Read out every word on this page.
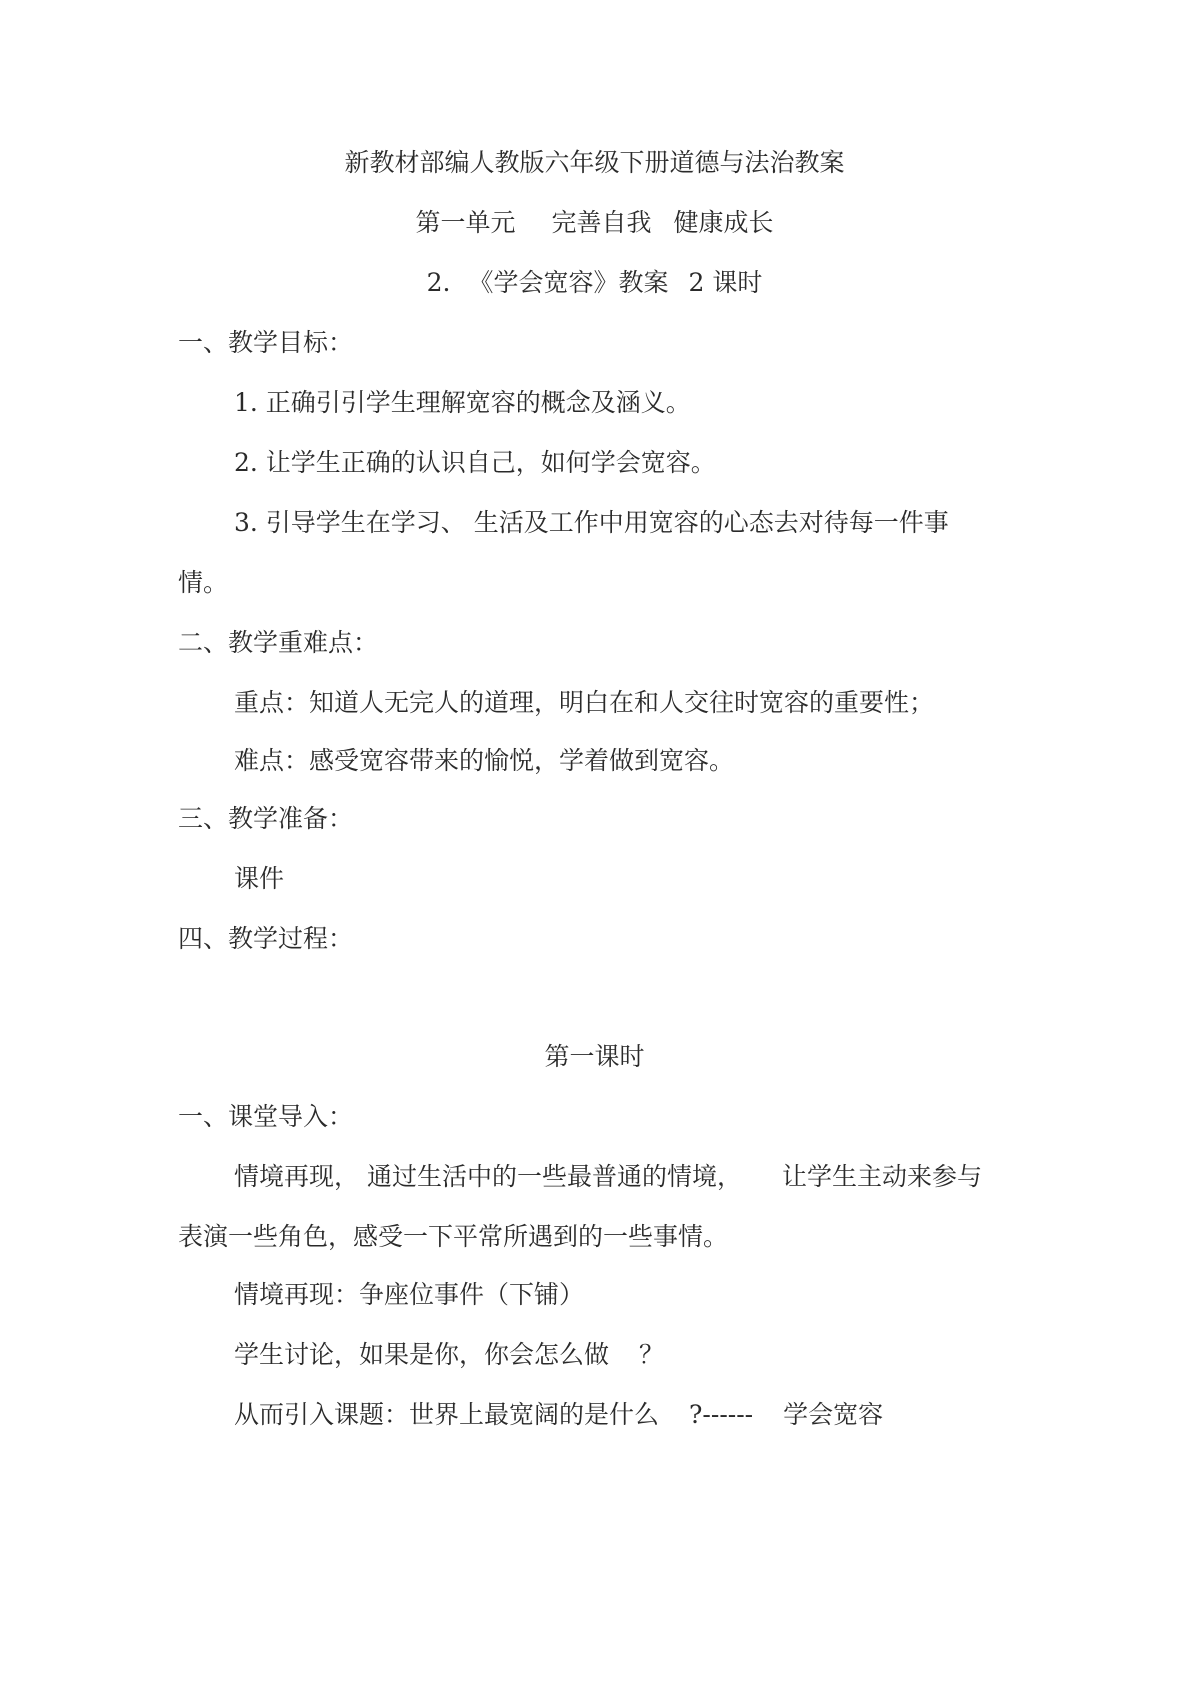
新教材部编人教版六年级下册道德与法治教案
第一单元 完善自我 健康成长
2. 《学会宽容》教案 2 课时
一、教学目标：
1. 正确引引学生理解宽容的概念及涵义。
2. 让学生正确的认识自己，如何学会宽容。
3. 引导学生在学习、 生活及工作中用宽容的心态去对待每一件事
情。
二、教学重难点：
重点：知道人无完人的道理，明白在和人交往时宽容的重要性；
难点：感受宽容带来的愉悦，学着做到宽容。
三、教学准备：
课件
四、教学过程：
第一课时
一、课堂导入：
情境再现， 通过生活中的一些最普通的情境， 让学生主动来参与
表演一些角色，感受一下平常所遇到的一些事情。
情境再现：争座位事件（下铺）
学生讨论，如果是你，你会怎么做 ？
从而引入课题：世界上最宽阔的是什么 ?------ 学会宽容
